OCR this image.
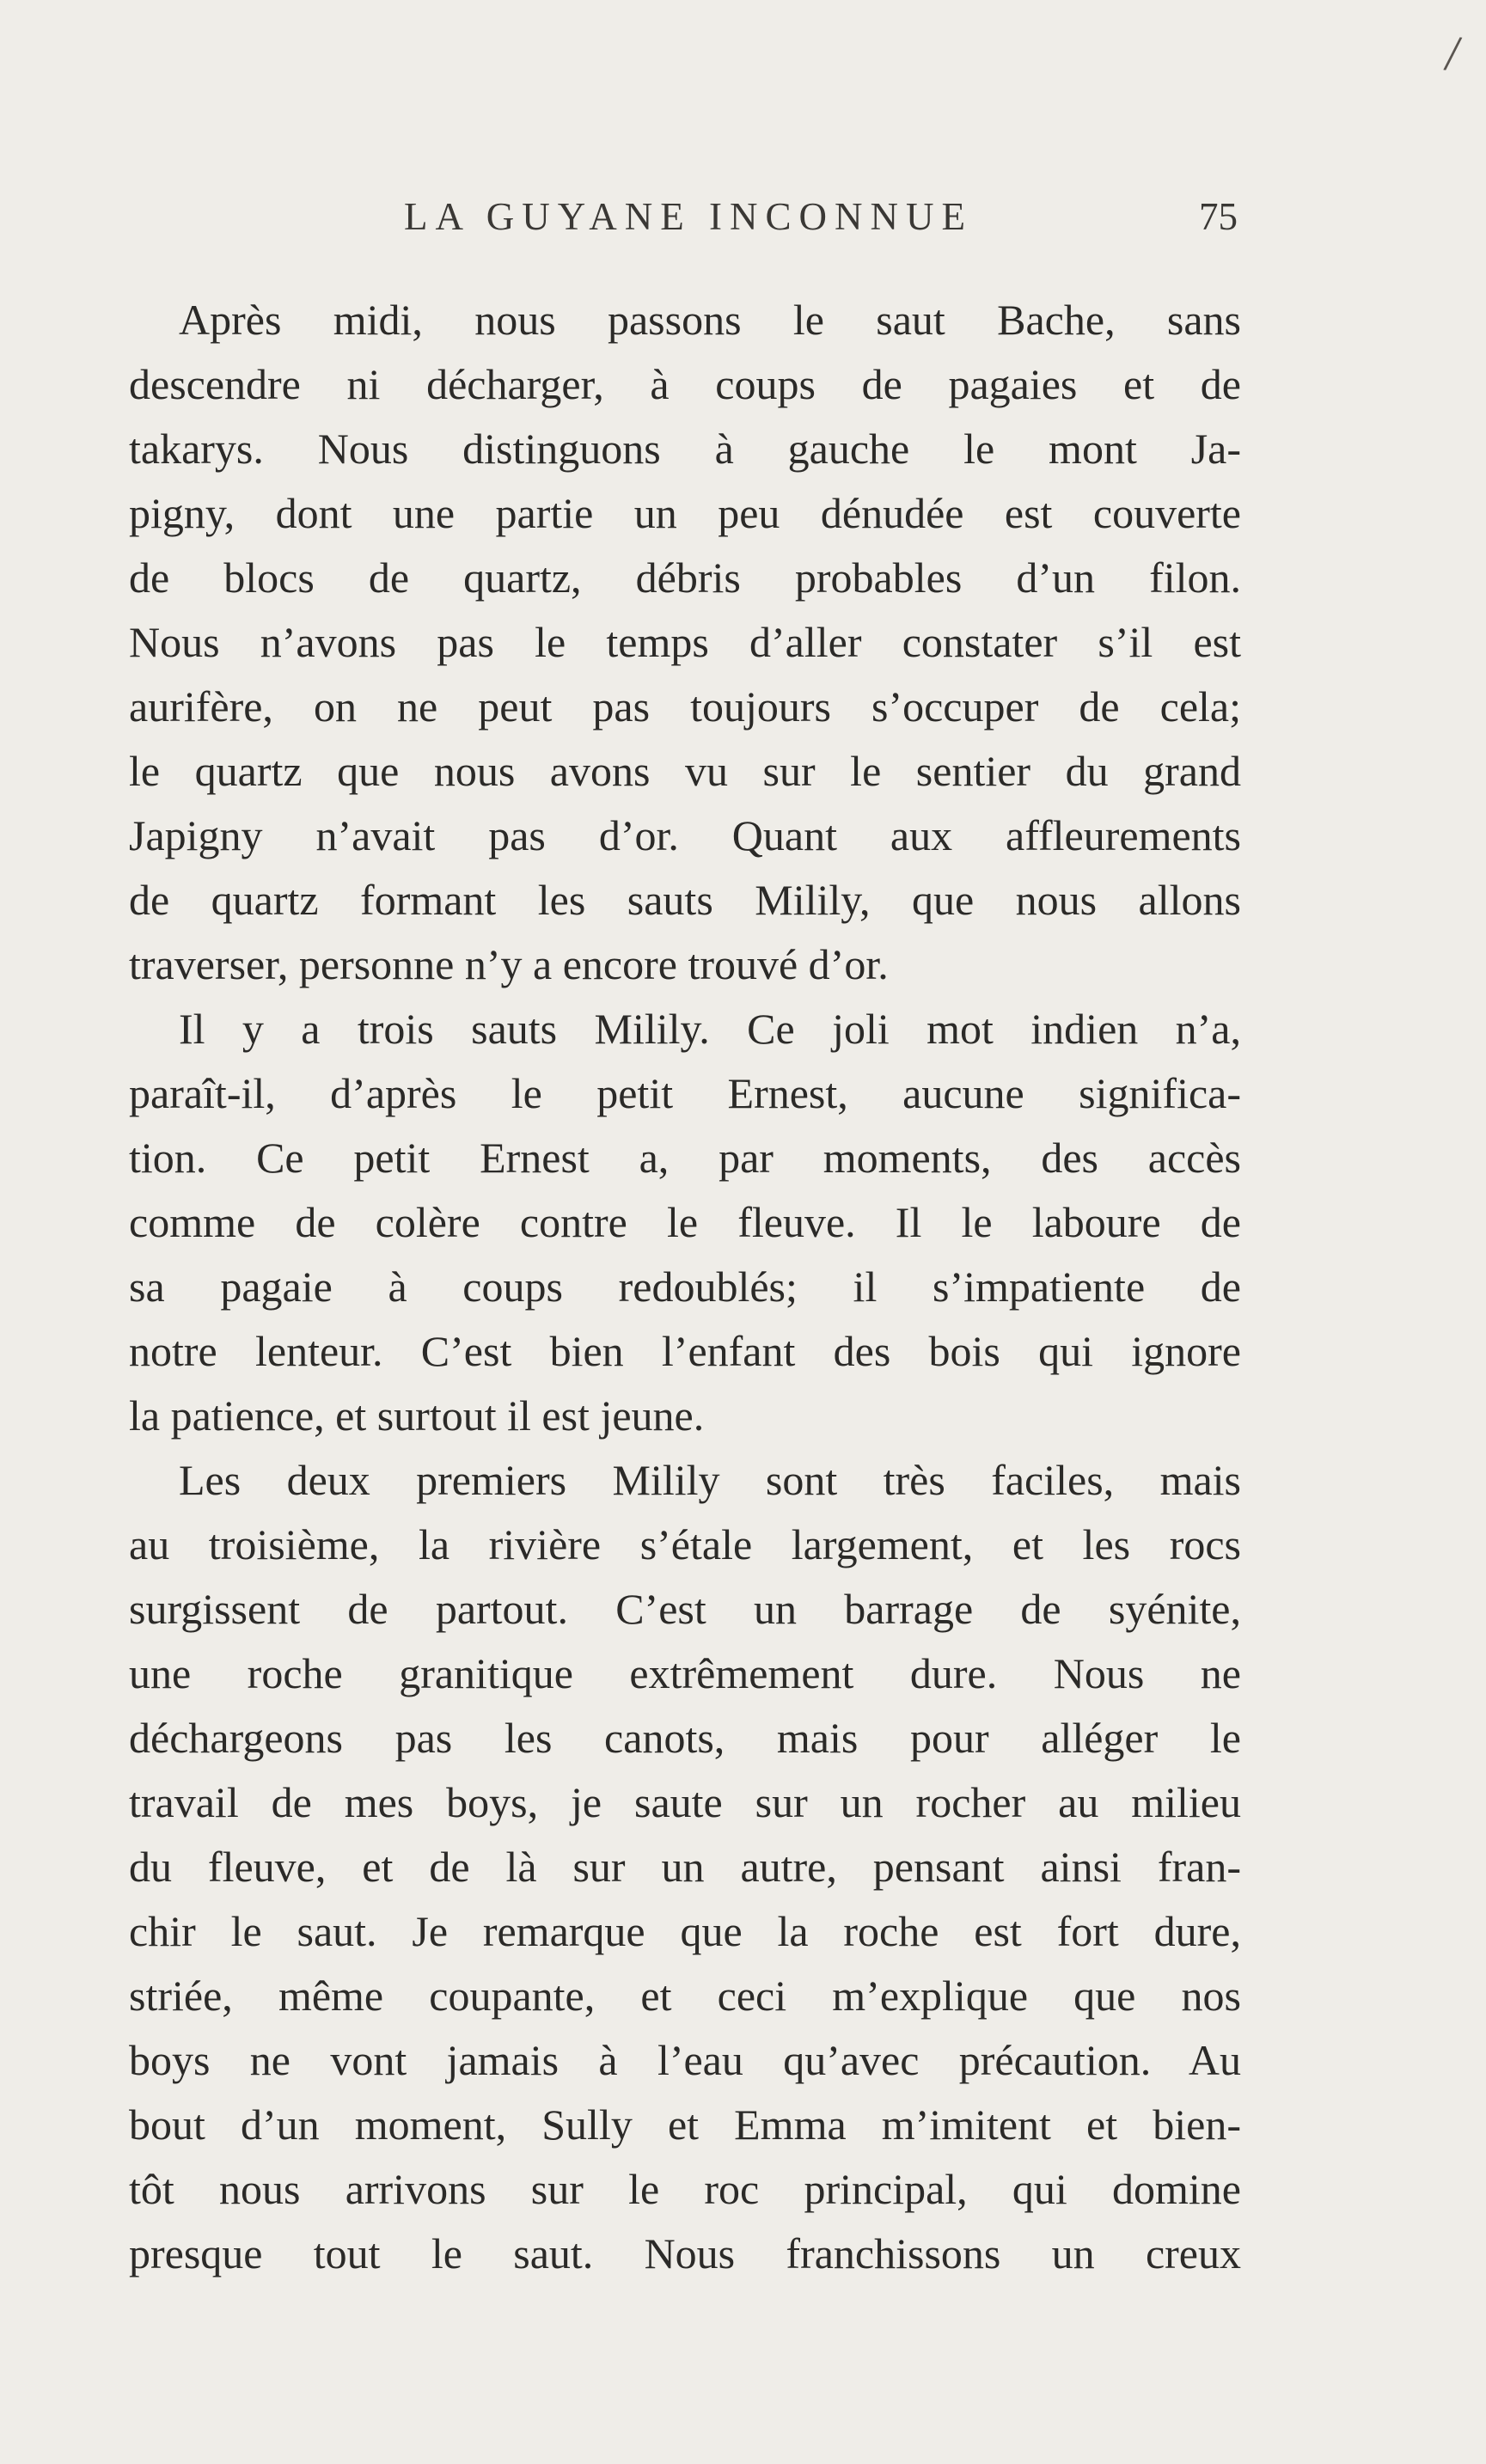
/
LA GUYANE INCONNUE	75
Après midi, nous passons le saut Bache, sans
descendre ni décharger, à coups de pagaies et de
takarys. Nous distinguons à gauche le mont Ja-
pigny, dont une partie un peu dénudée est couverte
de blocs de quartz, débris probables d’un filon.
Nous n’avons pas le temps d’aller constater s’il est
aurifère, on ne peut pas toujours s’occuper de cela;
le quartz que nous avons vu sur le sentier du grand
Japigny n’avait pas d’or. Quant aux affleurements
de quartz formant les sauts Milily, que nous allons
traverser, personne n’y a encore trouvé d’or.
Il y a trois sauts Milily. Ce joli mot indien n’a,
paraît-il, d’après le petit Ernest, aucune significa-
tion. Ce petit Ernest a, par moments, des accès
comme de colère contre le fleuve. Il le laboure de
sa pagaie à coups redoublés; il s’impatiente de
notre lenteur. C’est bien l’enfant des bois qui ignore
la patience, et surtout il est jeune.
Les deux premiers Milily sont très faciles, mais
au troisième, la rivière s’étale largement, et les rocs
surgissent de partout. C’est un barrage de syénite,
une roche granitique extrêmement dure. Nous ne
déchargeons pas les canots, mais pour alléger le
travail de mes boys, je saute sur un rocher au milieu
du fleuve, et de là sur un autre, pensant ainsi fran-
chir le saut. Je remarque que la roche est fort dure,
striée, même coupante, et ceci m’explique que nos
boys ne vont jamais à l’eau qu’avec précaution. Au
bout d’un moment, Sully et Emma m’imitent et bien-
tôt nous arrivons sur le roc principal, qui domine
presque tout le saut. Nous franchissons un creux
